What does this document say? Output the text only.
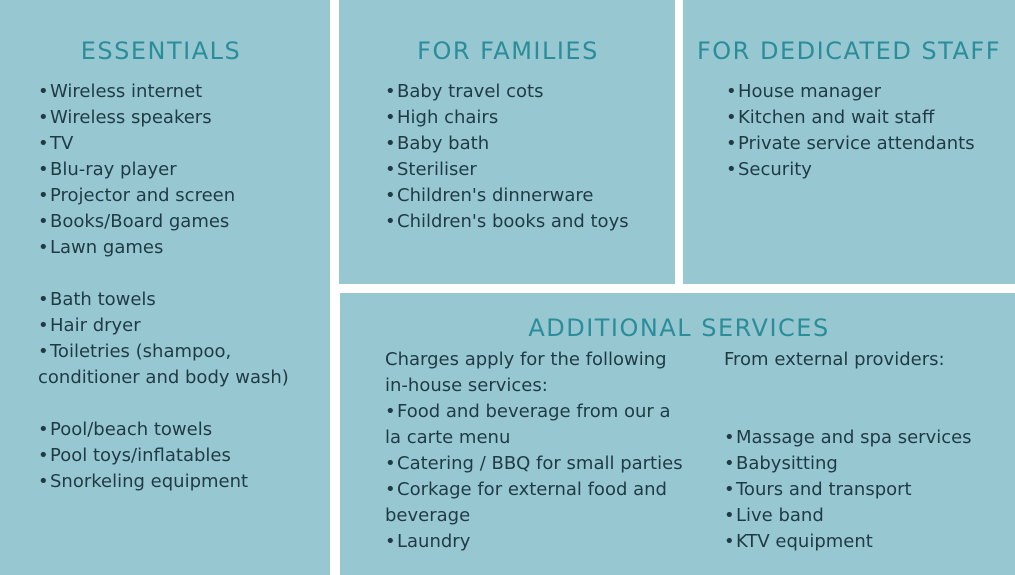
ESSENTIALS
•Wireless internet
•Wireless speakers
•TV
•Blu-ray player
•Projector and screen
•Books/Board games
•Lawn games
•Bath towels
•Hair dryer
•Toiletries (shampoo, conditioner and body wash)
•Pool/beach towels
•Pool toys/inflatables
•Snorkeling equipment
FOR FAMILIES
•Baby travel cots
•High chairs
•Baby bath
•Steriliser
•Children's dinnerware
•Children's books and toys
FOR DEDICATED STAFF
•House manager
•Kitchen and wait staff
•Private service attendants
•Security
ADDITIONAL SERVICES

Charges apply for the following in-house services:

•Food and beverage from our a la carte menu
•Catering / BBQ for small parties
•Corkage for external food and beverage
•Laundry

From external providers:

•Massage and spa services
•Babysitting
•Tours and transport
•Live band
•KTV equipment
